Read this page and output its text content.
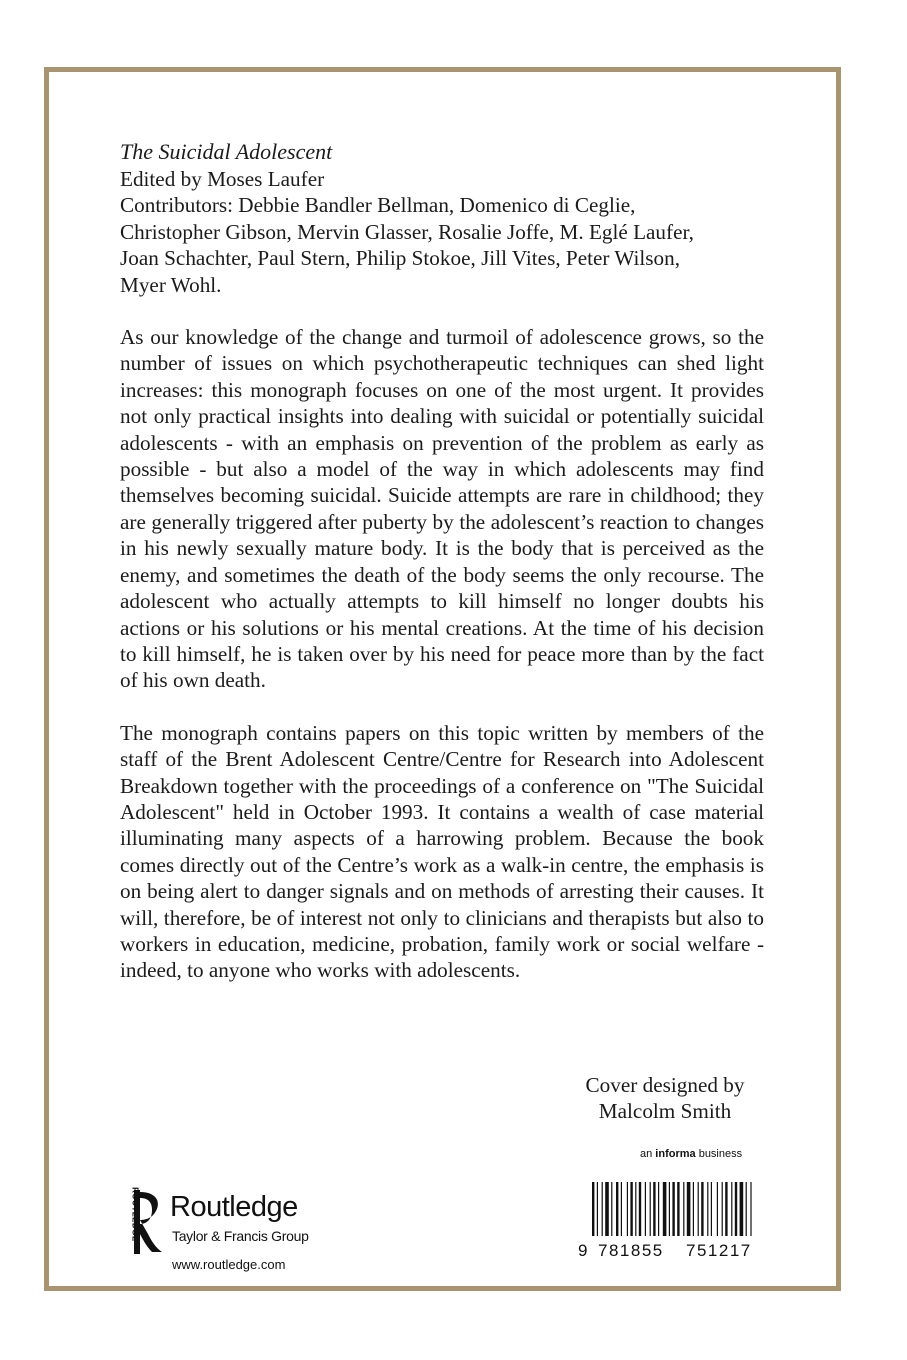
The Suicidal Adolescent
Edited by Moses Laufer
Contributors: Debbie Bandler Bellman, Domenico di Ceglie,
Christopher Gibson, Mervin Glasser, Rosalie Joffe, M. Eglé Laufer,
Joan Schachter, Paul Stern, Philip Stokoe, Jill Vites, Peter Wilson,
Myer Wohl.
As our knowledge of the change and turmoil of adolescence grows, so the number of issues on which psychotherapeutic techniques can shed light increases: this monograph focuses on one of the most urgent. It provides not only practical insights into dealing with suicidal or potentially suicidal adolescents - with an emphasis on prevention of the problem as early as possible - but also a model of the way in which adolescents may find themselves becoming suicidal. Suicide attempts are rare in childhood; they are generally triggered after puberty by the adolescent’s reaction to changes in his newly sexually mature body. It is the body that is perceived as the enemy, and sometimes the death of the body seems the only recourse. The adolescent who actually attempts to kill himself no longer doubts his actions or his solutions or his mental creations. At the time of his decision to kill himself, he is taken over by his need for peace more than by the fact of his own death.
The monograph contains papers on this topic written by members of the staff of the Brent Adolescent Centre/Centre for Research into Adolescent Breakdown together with the proceedings of a conference on "The Suicidal Adolescent" held in October 1993. It contains a wealth of case material illuminating many aspects of a harrowing problem. Because the book comes directly out of the Centre’s work as a walk-in centre, the emphasis is on being alert to danger signals and on methods of arresting their causes. It will, therefore, be of interest not only to clinicians and therapists but also to workers in education, medicine, probation, family work or social welfare - indeed, to anyone who works with adolescents.
Cover designed by
Malcolm Smith
ROUTLEDGE Routledge
Taylor & Francis Group
www.routledge.com
an informa business
9 781855 751217
